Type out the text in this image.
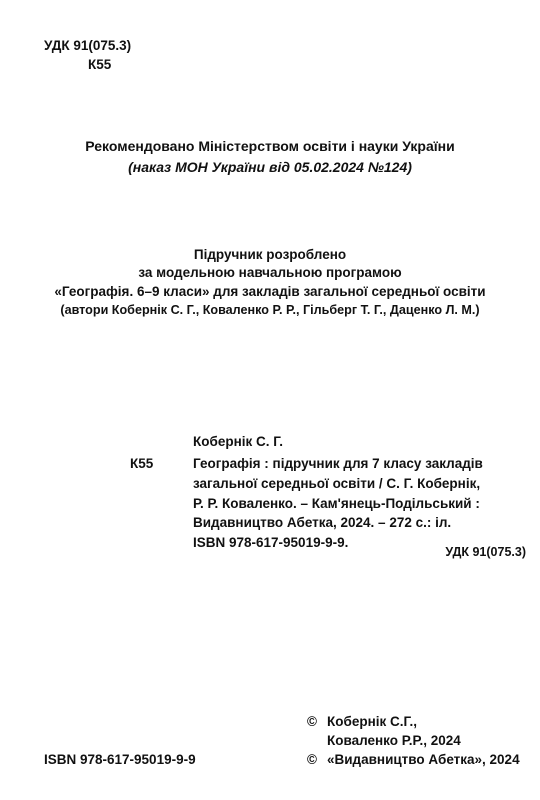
УДК 91(075.3)
К55
Рекомендовано Міністерством освіти і науки України
(наказ МОН України від 05.02.2024 №124)
Підручник розроблено
за модельною навчальною програмою
«Географія. 6–9 класи» для закладів загальної середньої освіти
(автори Кобернік С. Г., Коваленко Р. Р., Гільберг Т. Г., Даценко Л. М.)
Кобернік С. Г.
К55	Географія : підручник для 7 класу закладів
загальної середньої освіти / С. Г. Кобернік,
Р. Р. Коваленко. – Кам'янець-Подільський :
Видавництво Абетка, 2024. – 272 с.: іл.
ISBN 978-617-95019-9-9.
УДК 91(075.3)
© Кобернік С.Г.,
Коваленко Р.Р., 2024
© «Видавництво Абетка», 2024
ISBN 978-617-95019-9-9
